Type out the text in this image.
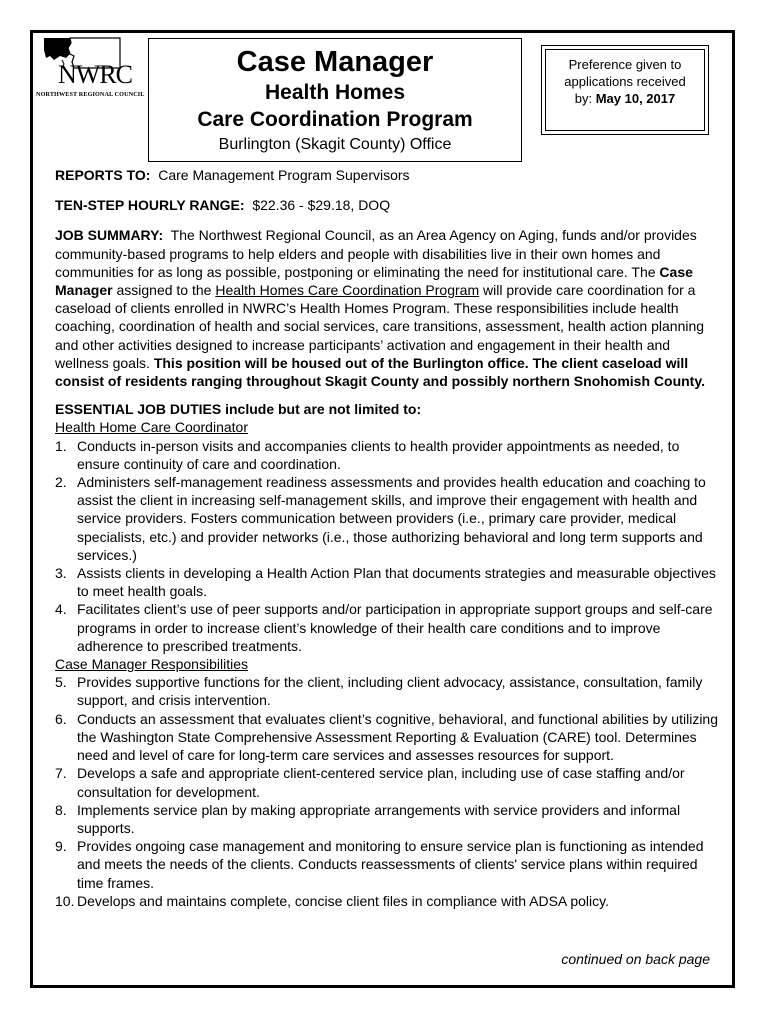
NWRC
NORTHWEST REGIONAL COUNCIL
Case Manager
Health Homes
Care Coordination Program
Burlington (Skagit County) Office
Preference given to
applications received
by: May 10, 2017

REPORTS TO: Care Management Program Supervisors

TEN-STEP HOURLY RANGE: $22.36 - $29.18, DOQ

JOB SUMMARY: The Northwest Regional Council, as an Area Agency on Aging, funds and/or provides community-based programs to help elders and people with disabilities live in their own homes and communities for as long as possible, postponing or eliminating the need for institutional care. The Case Manager assigned to the Health Homes Care Coordination Program will provide care coordination for a caseload of clients enrolled in NWRC’s Health Homes Program. These responsibilities include health coaching, coordination of health and social services, care transitions, assessment, health action planning and other activities designed to increase participants’ activation and engagement in their health and wellness goals. This position will be housed out of the Burlington office. The client caseload will consist of residents ranging throughout Skagit County and possibly northern Snohomish County.

ESSENTIAL JOB DUTIES include but are not limited to:

Health Home Care Coordinator

1. Conducts in-person visits and accompanies clients to health provider appointments as needed, to ensure continuity of care and coordination.
2. Administers self-management readiness assessments and provides health education and coaching to assist the client in increasing self-management skills, and improve their engagement with health and service providers. Fosters communication between providers (i.e., primary care provider, medical specialists, etc.) and provider networks (i.e., those authorizing behavioral and long term supports and services.)
3. Assists clients in developing a Health Action Plan that documents strategies and measurable objectives to meet health goals.
4. Facilitates client’s use of peer supports and/or participation in appropriate support groups and self-care programs in order to increase client’s knowledge of their health care conditions and to improve adherence to prescribed treatments.

Case Manager Responsibilities

5. Provides supportive functions for the client, including client advocacy, assistance, consultation, family support, and crisis intervention.
6. Conducts an assessment that evaluates client’s cognitive, behavioral, and functional abilities by utilizing the Washington State Comprehensive Assessment Reporting & Evaluation (CARE) tool. Determines need and level of care for long-term care services and assesses resources for support.
7. Develops a safe and appropriate client-centered service plan, including use of case staffing and/or consultation for development.
8. Implements service plan by making appropriate arrangements with service providers and informal supports.
9. Provides ongoing case management and monitoring to ensure service plan is functioning as intended and meets the needs of the clients. Conducts reassessments of clients' service plans within required time frames.
10. Develops and maintains complete, concise client files in compliance with ADSA policy.
continued on back page
